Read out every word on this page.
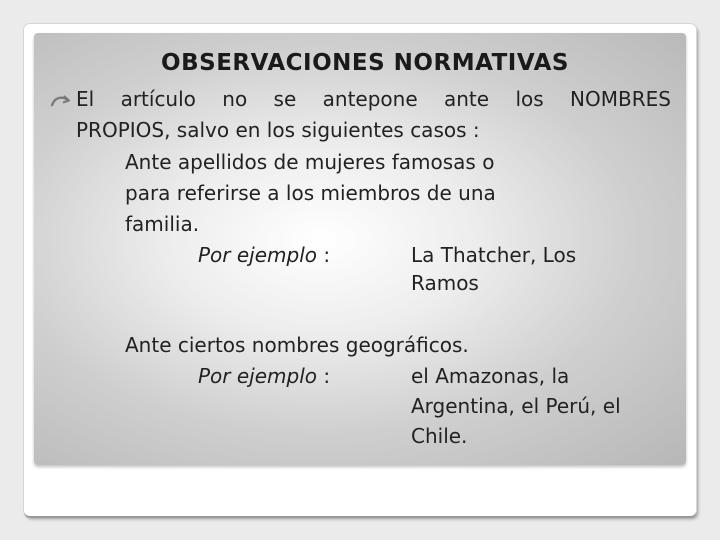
OBSERVACIONES NORMATIVAS
El artículo no se antepone ante los NOMBRES
PROPIOS, salvo en los siguientes casos :
Ante apellidos de mujeres famosas o
para referirse a los miembros de una
familia.
Por ejemplo :	La Thatcher, Los
Ramos
Ante ciertos nombres geográficos.
Por ejemplo :	el Amazonas, la
Argentina, el Perú, el
Chile.
